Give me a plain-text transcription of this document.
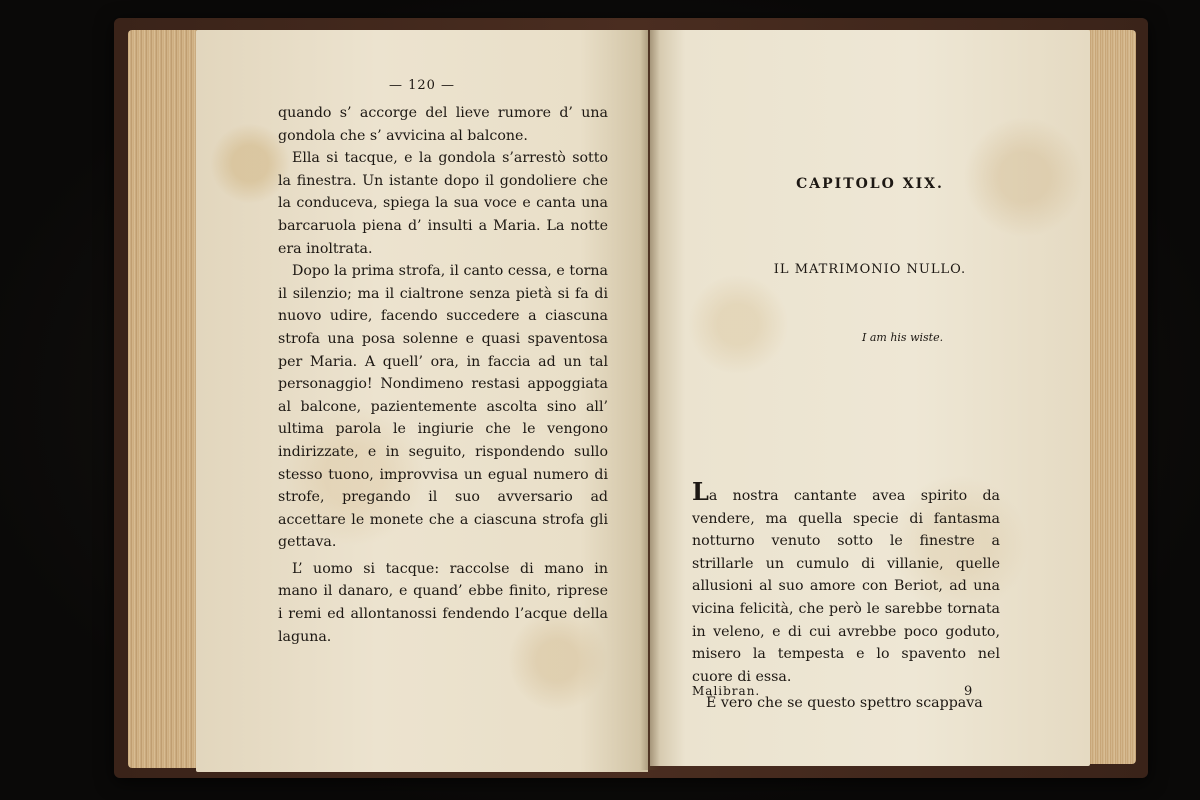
— 120 —

quando s’ accorge del lieve rumore d’ una gondola che s’ avvicina al balcone.

Ella si tacque, e la gondola s’arrestò sotto la finestra. Un istante dopo il gondoliere che la conduceva, spiega la sua voce e canta una barcaruola piena d’ insulti a Maria. La notte era inoltrata.

Dopo la prima strofa, il canto cessa, e torna il silenzio; ma il cialtrone senza pietà si fa di nuovo udire, facendo succedere a ciascuna strofa una posa solenne e quasi spaventosa per Maria. A quell’ ora, in faccia ad un tal personaggio! Nondimeno restasi appoggiata al balcone, pazientemente ascolta sino all’ ultima parola le ingiurie che le vengono indirizzate, e in seguito, rispondendo sullo stesso tuono, improvvisa un egual numero di strofe, pregando il suo avversario ad accettare le monete che a ciascuna strofa gli gettava.

L’ uomo si tacque: raccolse di mano in mano il danaro, e quand’ ebbe finito, riprese i remi ed allontanossi fendendo l’acque della laguna.

CAPITOLO XIX.
IL MATRIMONIO NULLO.
I am his wiste.

La nostra cantante avea spirito da vendere, ma quella specie di fantasma notturno venuto sotto le finestre a strillarle un cumulo di villanie, quelle allusioni al suo amore con Beriot, ad una vicina felicità, che però le sarebbe tornata in veleno, e di cui avrebbe poco goduto, misero la tempesta e lo spavento nel cuore di essa.

È vero che se questo spettro scappava

Malibran.	9
